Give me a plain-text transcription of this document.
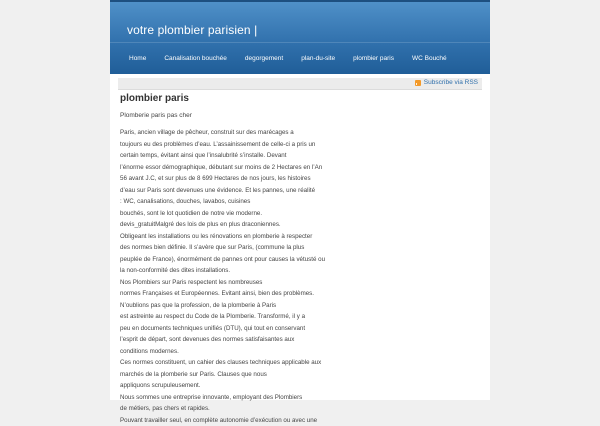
votre plombier parisien |
Home	Canalisation bouchée	degorgement	plan-du-site	plombier paris	WC Bouché
Subscribe via RSS
plombier paris
Plomberie paris pas cher
Paris, ancien village de pêcheur, construit sur des marécages a
toujours eu des problèmes d’eau. L’assainissement de celle-ci a pris un
certain temps, évitant ainsi que l’insalubrité s’installe. Devant
l’énorme essor démographique, débutant sur moins de 2 Hectares en l’An
56 avant J.C, et sur plus de 8 699 Hectares de nos jours, les histoires
d’eau sur Paris sont devenues une évidence. Et les pannes, une réalité
: WC, canalisations, douches, lavabos, cuisines
bouchés, sont le lot quotidien de notre vie moderne.
devis_gratuitMalgré des lois de plus en plus draconiennes.
Obligeant les installations ou les rénovations en plomberie à respecter
des normes bien définie. Il s’avère que sur Paris, (commune la plus
peuplée de France), énormément de pannes ont pour causes la vétusté ou
la non-conformité des dites installations.
Nos Plombiers sur Paris respectent les nombreuses
normes Françaises et Européennes. Evitant ainsi, bien des problèmes.
N’oublions pas que la profession, de la plomberie à Paris
est astreinte au respect du Code de la Plomberie. Transformé, il y a
peu en documents techniques unifiés (DTU), qui tout en conservant
l’esprit de départ, sont devenues des normes satisfaisantes aux
conditions modernes.
Ces normes constituent, un cahier des clauses techniques applicable aux
marchés de la plomberie sur Paris. Clauses que nous
appliquons scrupuleusement.
Nous sommes une entreprise innovante, employant des Plombiers
de métiers, pas chers et rapides.
Pouvant travailler seul, en complète autonomie d’exécution ou avec une
